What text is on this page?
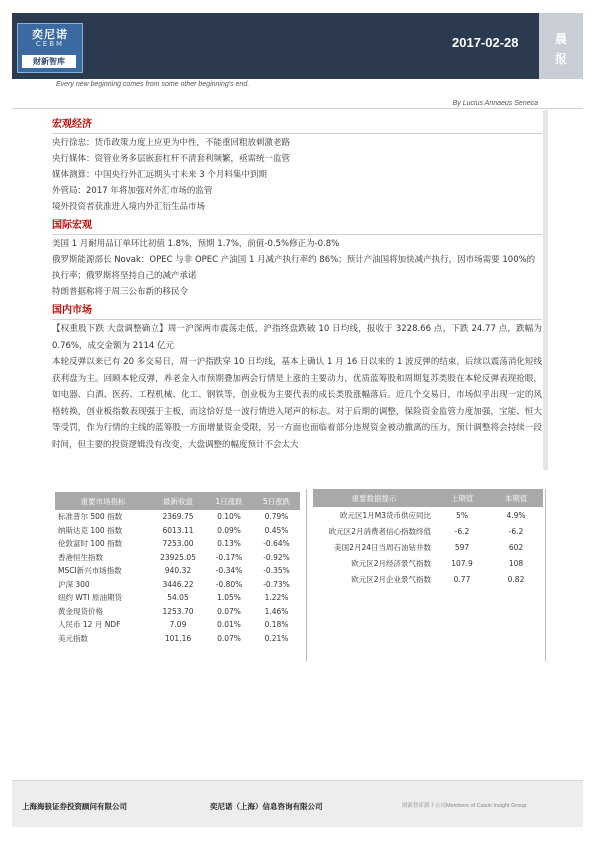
奕尼诺
CEBM
财新智库
2017-02-28	晨
报
Every new beginning comes from some other beginning's end.
By Lucius Annaeus Seneca
宏观经济
央行徐忠：货币政策力度上应更为中性，不能重回粗放刺激老路
央行媒体：资管业务多层嵌套杠杆不清套利频繁，亟需统一监管
媒体测算：中国央行外汇远期头寸未来 3 个月料集中到期
外管局：2017 年将加强对外汇市场的监管
境外投资者获准进入境内外汇衍生品市场
国际宏观
美国 1 月耐用品订单环比初值 1.8%，预期 1.7%，前值-0.5%修正为-0.8%
俄罗斯能源部长 Novak：OPEC 与非 OPEC 产油国 1 月减产执行率约 86%；预计产油国将加快减产执行，因市场需要 100%的执行率；俄罗斯将坚持自己的减产承诺
特朗普据称将于周三公布新的移民令
国内市场
【权重股下跌 大盘调整确立】周一沪深两市震荡走低，沪指终盘跌破 10 日均线，报收于 3228.66 点，下跌 24.77 点，跌幅为 0.76%，成交金额为 2114 亿元
本轮反弹以来已有 20 多交易日，周一沪指跌穿 10 日均线，基本上确认 1 月 16 日以来的 1 波反弹的结束，后续以震荡消化短线获利盘为主。回顾本轮反弹，养老金入市预期叠加两会行情是上涨的主要动力，优质蓝筹股和周期复苏类股在本轮反弹表现抢眼，如电器、白酒、医药、工程机械、化工、钢铁等，创业板为主要代表的成长类股涨幅落后。近几个交易日，市场似乎出现一定的风格转换，创业板指数表现强于主板，而这恰好是一波行情进入尾声的标志。对于后期的调整，保险资金监管力度加强，宝能、恒大等受罚，作为行情的主线的蓝筹股一方面增量资金受限，另一方面也面临着部分违规资金被动撤离的压力，预计调整将会持续一段时间，但主要的投资逻辑没有改变，大盘调整的幅度预计不会太大
重要市场指标	最新收盘	1日涨跌	5日涨跌
标准普尔 500 指数	2369.75	0.10%	0.79%
纳斯达克 100 指数	6013.11	0.09%	0.45%
伦敦富时 100 指数	7253.00	0.13%	-0.64%
香港恒生指数	23925.05	-0.17%	-0.92%
MSCI新兴市场指数	940.32	-0.34%	-0.35%
沪深 300	3446.22	-0.80%	-0.73%
纽约 WTI 原油期货	54.05	1.05%	1.22%
黄金现货价格	1253.70	0.07%	1.46%
人民币 12 月 NDF	7.09	0.01%	0.18%
美元指数	101.16	0.07%	0.21%
重要数据提示	上期值	本期值
欧元区1月M3货币供应同比	5%	4.9%
欧元区2月消费者信心指数终值	-6.2	-6.2
美国2月24日当周石油钻井数	597	602
欧元区2月经济景气指数	107.9	108
欧元区2月企业景气指数	0.77	0.82
上海海狼证券投资顾问有限公司	奕尼诺（上海）信息咨询有限公司	财新智库旗下公司Members of Caixin Insight Group
